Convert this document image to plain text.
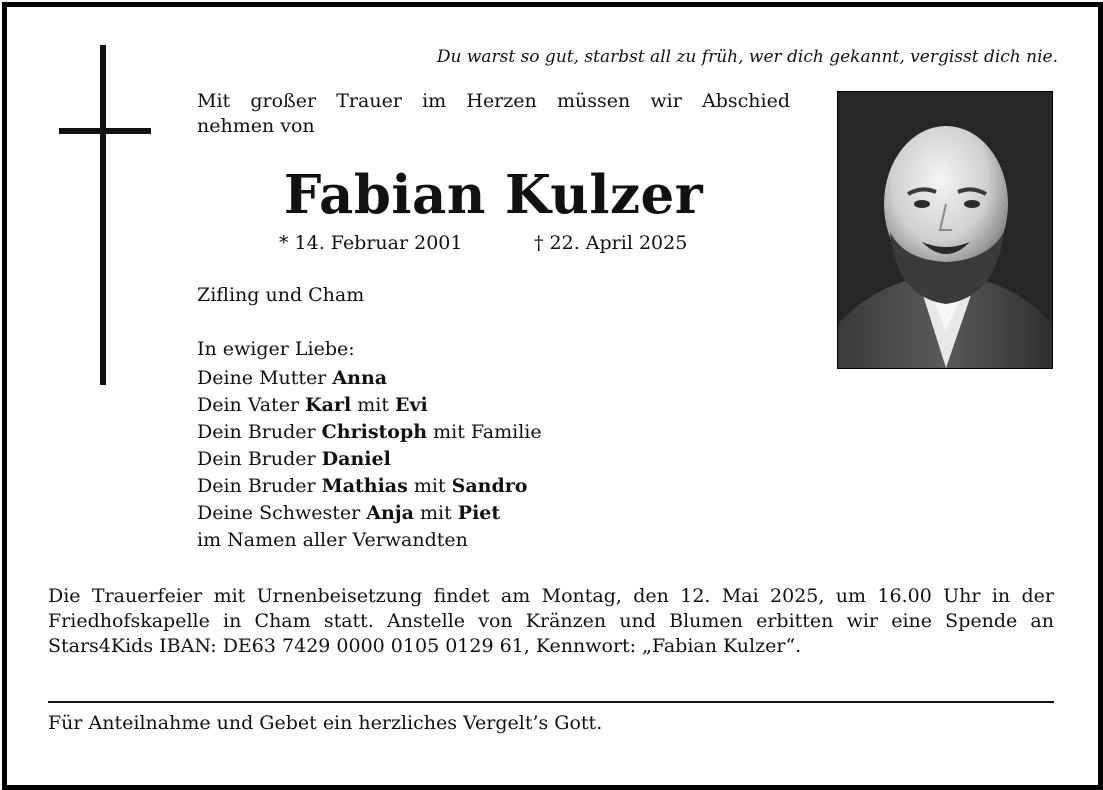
Du warst so gut, starbst all zu früh, wer dich gekannt, vergisst dich nie.
Mit großer Trauer im Herzen müssen wir Abschied
nehmen von
Fabian Kulzer
* 14. Februar 2001	† 22. April 2025
Zifling und Cham
In ewiger Liebe:
Deine Mutter Anna
Dein Vater Karl mit Evi
Dein Bruder Christoph mit Familie
Dein Bruder Daniel
Dein Bruder Mathias mit Sandro
Deine Schwester Anja mit Piet
im Namen aller Verwandten
Die Trauerfeier mit Urnenbeisetzung findet am Montag, den 12. Mai 2025, um 16.00 Uhr in der Friedhofskapelle in Cham statt. Anstelle von Kränzen und Blumen erbitten wir eine Spende an Stars4Kids IBAN: DE63 7429 0000 0105 0129 61, Kennwort: „Fabian Kulzer“.
Für Anteilnahme und Gebet ein herzliches Vergelt’s Gott.
